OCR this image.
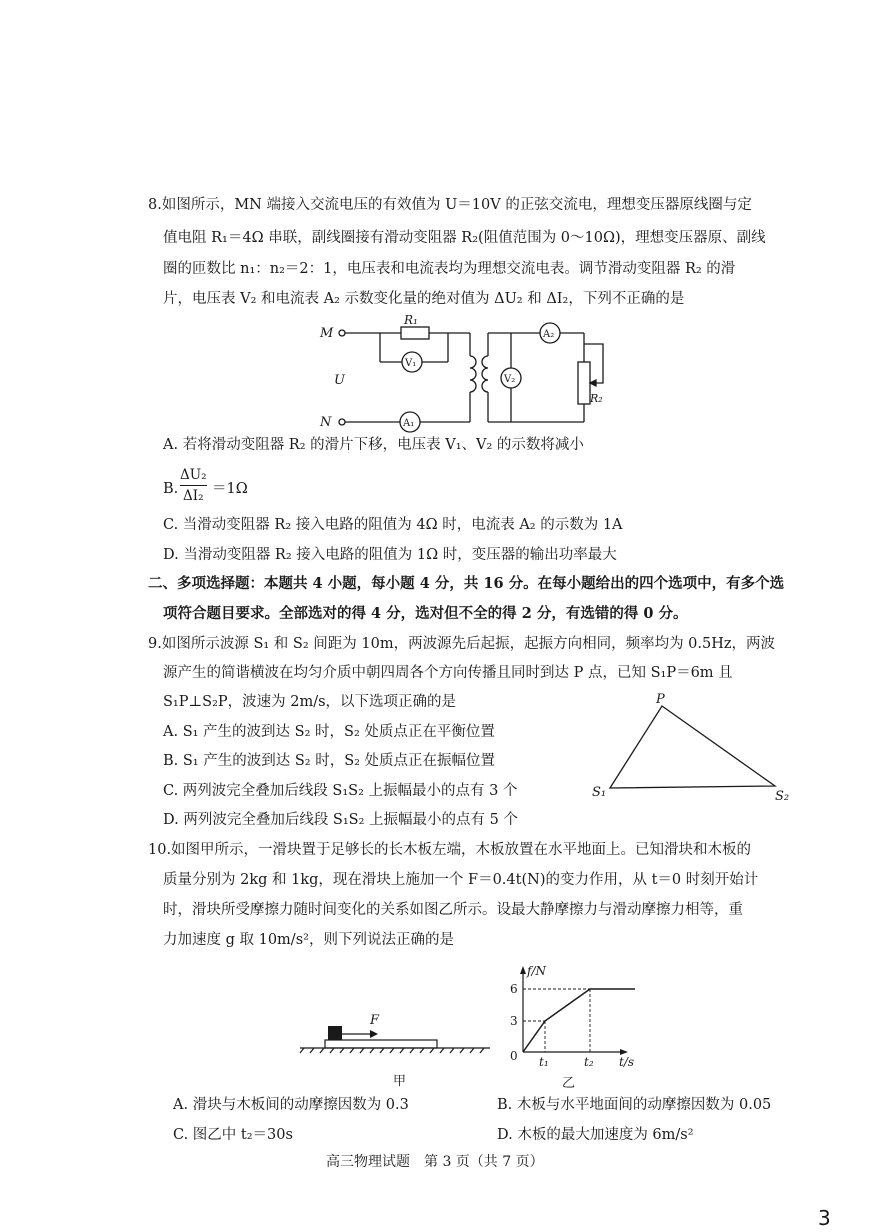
8.如图所示，MN 端接入交流电压的有效值为 U＝10V 的正弦交流电，理想变压器原线圈与定
值电阻 R₁＝4Ω 串联，副线圈接有滑动变阻器 R₂(阻值范围为 0～10Ω)，理想变压器原、副线
圈的匝数比 n₁：n₂＝2：1，电压表和电流表均为理想交流电表。调节滑动变阻器 R₂ 的滑
片，电压表 V₂ 和电流表 A₂ 示数变化量的绝对值为 ΔU₂ 和 ΔI₂，下列不正确的是
M
N
U
R₁
V₁
A₁
A₂
V₂
R₂
A. 若将滑动变阻器 R₂ 的滑片下移，电压表 V₁、V₂ 的示数将减小
B.
ΔU₂
ΔI₂ ＝1Ω
C. 当滑动变阻器 R₂ 接入电路的阻值为 4Ω 时，电流表 A₂ 的示数为 1A
D. 当滑动变阻器 R₂ 接入电路的阻值为 1Ω 时，变压器的输出功率最大
二、多项选择题：本题共 4 小题，每小题 4 分，共 16 分。在每小题给出的四个选项中，有多个选
项符合题目要求。全部选对的得 4 分，选对但不全的得 2 分，有选错的得 0 分。
9.如图所示波源 S₁ 和 S₂ 间距为 10m，两波源先后起振，起振方向相同，频率均为 0.5Hz，两波
源产生的简谐横波在均匀介质中朝四周各个方向传播且同时到达 P 点，已知 S₁P＝6m 且
S₁P⊥S₂P，波速为 2m/s，以下选项正确的是
A. S₁ 产生的波到达 S₂ 时，S₂ 处质点正在平衡位置
B. S₁ 产生的波到达 S₂ 时，S₂ 处质点正在振幅位置
C. 两列波完全叠加后线段 S₁S₂ 上振幅最小的点有 3 个
D. 两列波完全叠加后线段 S₁S₂ 上振幅最小的点有 5 个
P
S₁	S₂
10.如图甲所示，一滑块置于足够长的长木板左端，木板放置在水平地面上。已知滑块和木板的
质量分别为 2kg 和 1kg，现在滑块上施加一个 F＝0.4t(N)的变力作用，从 t＝0 时刻开始计
时，滑块所受摩擦力随时间变化的关系如图乙所示。设最大静摩擦力与滑动摩擦力相等，重
力加速度 g 取 10m/s²，则下列说法正确的是
F
甲
f/N
t/s
6
3
0 t₁	t₂
乙
A. 滑块与木板间的动摩擦因数为 0.3	B. 木板与水平地面间的动摩擦因数为 0.05
C. 图乙中 t₂＝30s	D. 木板的最大加速度为 6m/s²
高三物理试题　第 3 页（共 7 页）
3
